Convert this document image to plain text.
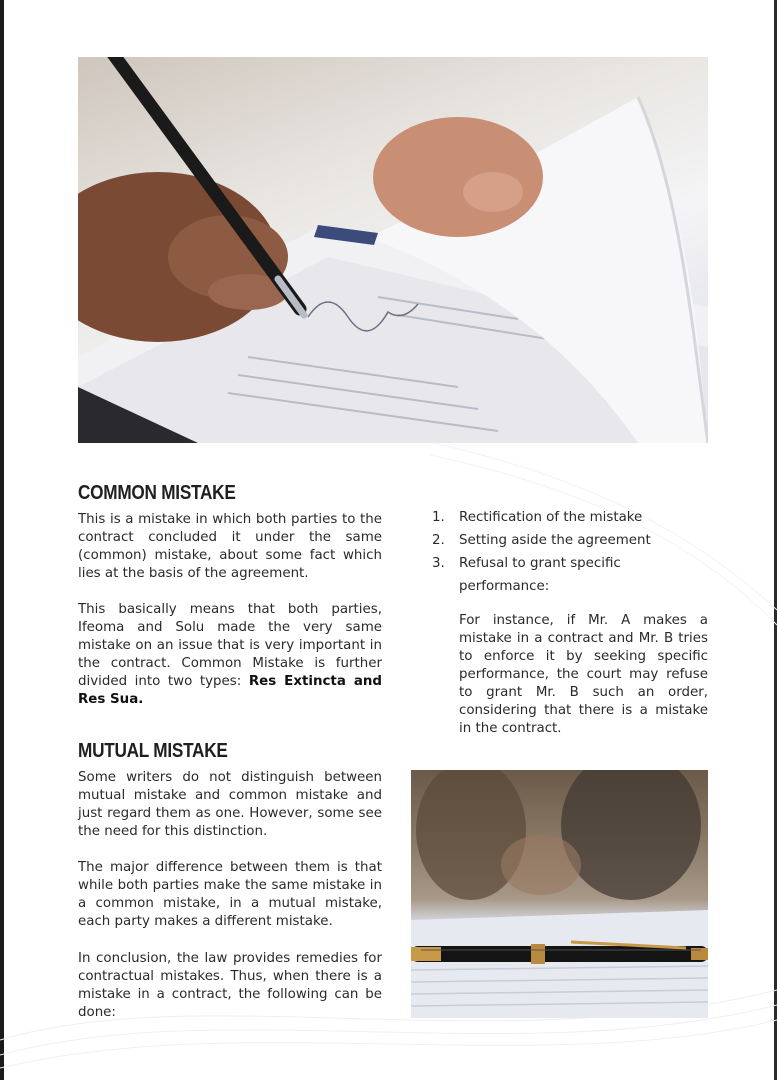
COMMON MISTAKE

This is a mistake in which both parties to the contract concluded it under the same (common) mistake, about some fact which lies at the basis of the agreement.

This basically means that both parties, Ifeoma and Solu made the very same mistake on an issue that is very important in the contract. Common Mistake is further divided into two types: Res Extincta and Res Sua.

1.	Rectification of the mistake
2.	Setting aside the agreement
3.	Refusal to grant specific performance:

For instance, if Mr. A makes a mistake in a contract and Mr. B tries to enforce it by seeking specific performance, the court may refuse to grant Mr. B such an order, considering that there is a mistake in the contract.

MUTUAL MISTAKE

Some writers do not distinguish between mutual mistake and common mistake and just regard them as one. However, some see the need for this distinction.

The major difference between them is that while both parties make the same mistake in a common mistake, in a mutual mistake, each party makes a different mistake.

In conclusion, the law provides remedies for contractual mistakes. Thus, when there is a mistake in a contract, the following can be done:
